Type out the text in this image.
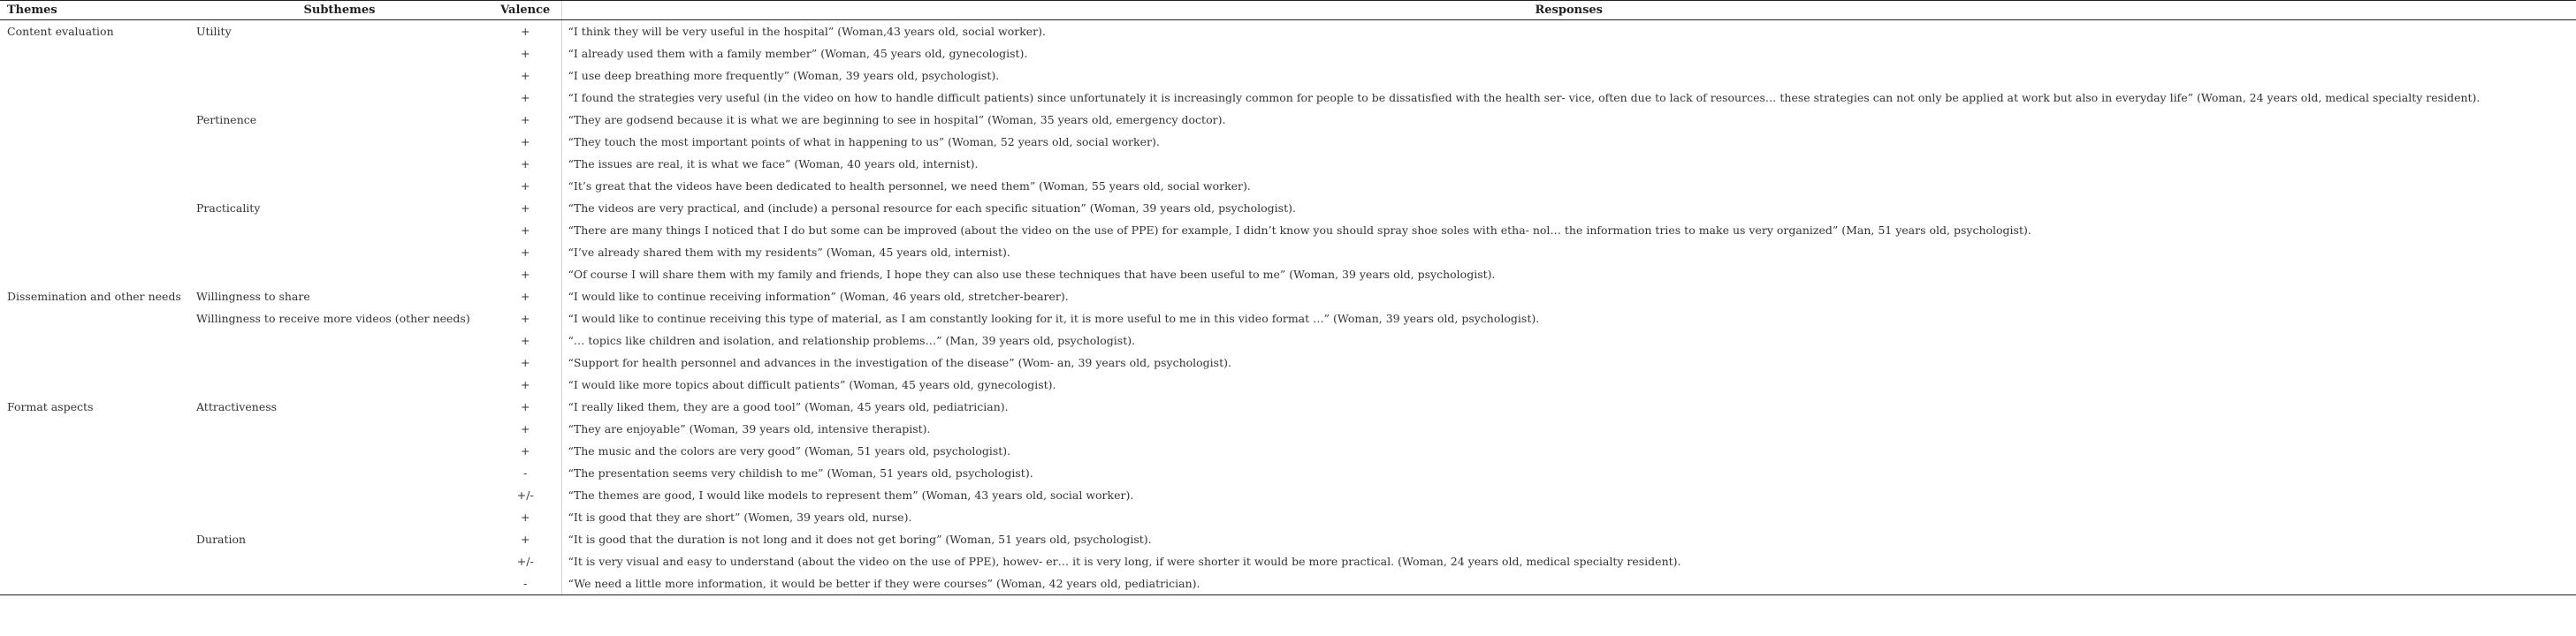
Themes	Subthemes	Valence	Responses
Content evaluation	Utility	+	“I think they will be very useful in the hospital” (Woman,43 years old, social worker).
		+	“I already used them with a family member” (Woman, 45 years old, gynecologist).
		+	“I use deep breathing more frequently” (Woman, 39 years old, psychologist).
		+	“I found the strategies very useful (in the video on how to handle difficult patients) since unfortunately it is increasingly common for people to be dissatisfied with the health ser- vice, often due to lack of resources… these strategies can not only be applied at work but also in everyday life” (Woman, 24 years old, medical specialty resident).
	Pertinence	+	“They are godsend because it is what we are beginning to see in hospital” (Woman, 35 years old, emergency doctor).
		+	“They touch the most important points of what in happening to us” (Woman, 52 years old, social worker).
		+	“The issues are real, it is what we face” (Woman, 40 years old, internist).
		+	“It’s great that the videos have been dedicated to health personnel, we need them” (Woman, 55 years old, social worker).
	Practicality	+	“The videos are very practical, and (include) a personal resource for each specific situation” (Woman, 39 years old, psychologist).
		+	“There are many things I noticed that I do but some can be improved (about the video on the use of PPE) for example, I didn’t know you should spray shoe soles with etha- nol… the information tries to make us very organized” (Man, 51 years old, psychologist).
		+	“I’ve already shared them with my residents” (Woman, 45 years old, internist).
		+	“Of course I will share them with my family and friends, I hope they can also use these techniques that have been useful to me” (Woman, 39 years old, psychologist).
Dissemination and other needs	Willingness to share	+	“I would like to continue receiving information” (Woman, 46 years old, stretcher-bearer).
	Willingness to receive more videos (other needs)	+	“I would like to continue receiving this type of material, as I am constantly looking for it, it is more useful to me in this video format …” (Woman, 39 years old, psychologist).
		+	“… topics like children and isolation, and relationship problems…” (Man, 39 years old, psychologist).
		+	“Support for health personnel and advances in the investigation of the disease” (Wom- an, 39 years old, psychologist).
		+	“I would like more topics about difficult patients” (Woman, 45 years old, gynecologist).
Format aspects	Attractiveness	+	“I really liked them, they are a good tool” (Woman, 45 years old, pediatrician).
		+	“They are enjoyable” (Woman, 39 years old, intensive therapist).
		+	“The music and the colors are very good” (Woman, 51 years old, psychologist).
		-	“The presentation seems very childish to me” (Woman, 51 years old, psychologist).
		+/-	“The themes are good, I would like models to represent them” (Woman, 43 years old, social worker).
		+	“It is good that they are short” (Women, 39 years old, nurse).
	Duration	+	“It is good that the duration is not long and it does not get boring” (Woman, 51 years old, psychologist).
		+/-	“It is very visual and easy to understand (about the video on the use of PPE), howev- er… it is very long, if were shorter it would be more practical. (Woman, 24 years old, medical specialty resident).
		-	“We need a little more information, it would be better if they were courses” (Woman, 42 years old, pediatrician).
